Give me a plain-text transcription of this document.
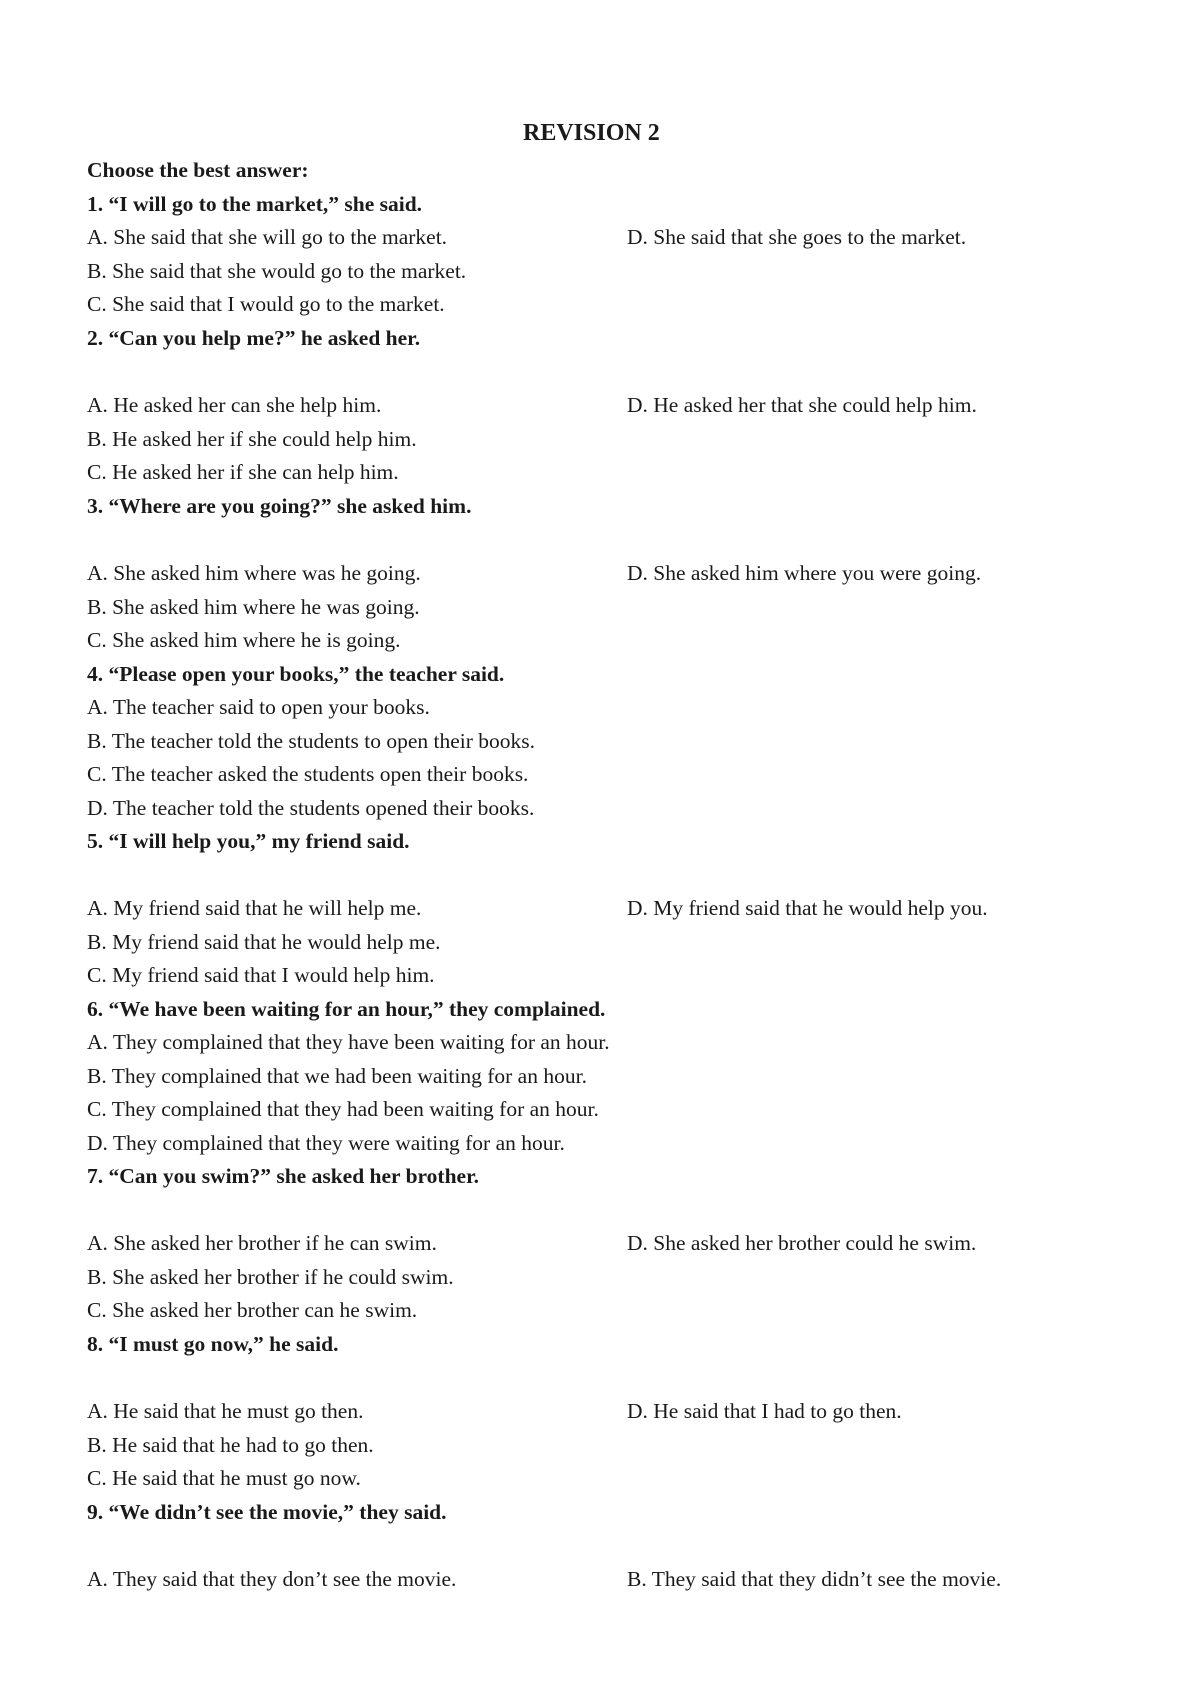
REVISION 2
Choose the best answer:
1. “I will go to the market,” she said.
A. She said that she will go to the market.	D. She said that she goes to the market.
B. She said that she would go to the market.
C. She said that I would go to the market.
2. “Can you help me?” he asked her.
A. He asked her can she help him.	D. He asked her that she could help him.
B. He asked her if she could help him.
C. He asked her if she can help him.
3. “Where are you going?” she asked him.
A. She asked him where was he going.	D. She asked him where you were going.
B. She asked him where he was going.
C. She asked him where he is going.
4. “Please open your books,” the teacher said.
A. The teacher said to open your books.
B. The teacher told the students to open their books.
C. The teacher asked the students open their books.
D. The teacher told the students opened their books.
5. “I will help you,” my friend said.
A. My friend said that he will help me.	D. My friend said that he would help you.
B. My friend said that he would help me.
C. My friend said that I would help him.
6. “We have been waiting for an hour,” they complained.
A. They complained that they have been waiting for an hour.
B. They complained that we had been waiting for an hour.
C. They complained that they had been waiting for an hour.
D. They complained that they were waiting for an hour.
7. “Can you swim?” she asked her brother.
A. She asked her brother if he can swim.	D. She asked her brother could he swim.
B. She asked her brother if he could swim.
C. She asked her brother can he swim.
8. “I must go now,” he said.
A. He said that he must go then.	D. He said that I had to go then.
B. He said that he had to go then.
C. He said that he must go now.
9. “We didn’t see the movie,” they said.
A. They said that they don’t see the movie.	B. They said that they didn’t see the movie.
